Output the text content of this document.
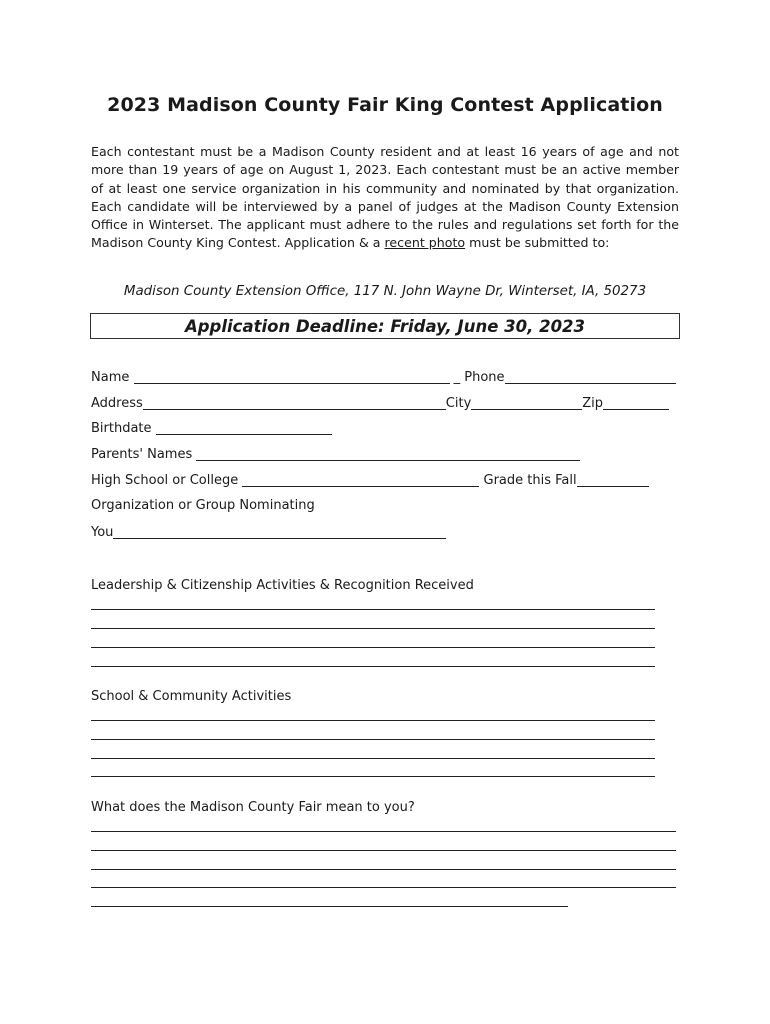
2023 Madison County Fair King Contest Application
Each contestant must be a Madison County resident and at least 16 years of age and not more than 19 years of age on August 1, 2023. Each contestant must be an active member of at least one service organization in his community and nominated by that organization. Each candidate will be interviewed by a panel of judges at the Madison County Extension Office in Winterset. The applicant must adhere to the rules and regulations set forth for the Madison County King Contest. Application & a recent photo must be submitted to:
Madison County Extension Office, 117 N. John Wayne Dr, Winterset, IA, 50273
Application Deadline: Friday, June 30, 2023
Name	_ Phone
Address	City	Zip
Birthdate
Parents' Names
High School or College	Grade this Fall
Organization or Group Nominating
You
Leadership & Citizenship Activities & Recognition Received
School & Community Activities
What does the Madison County Fair mean to you?
